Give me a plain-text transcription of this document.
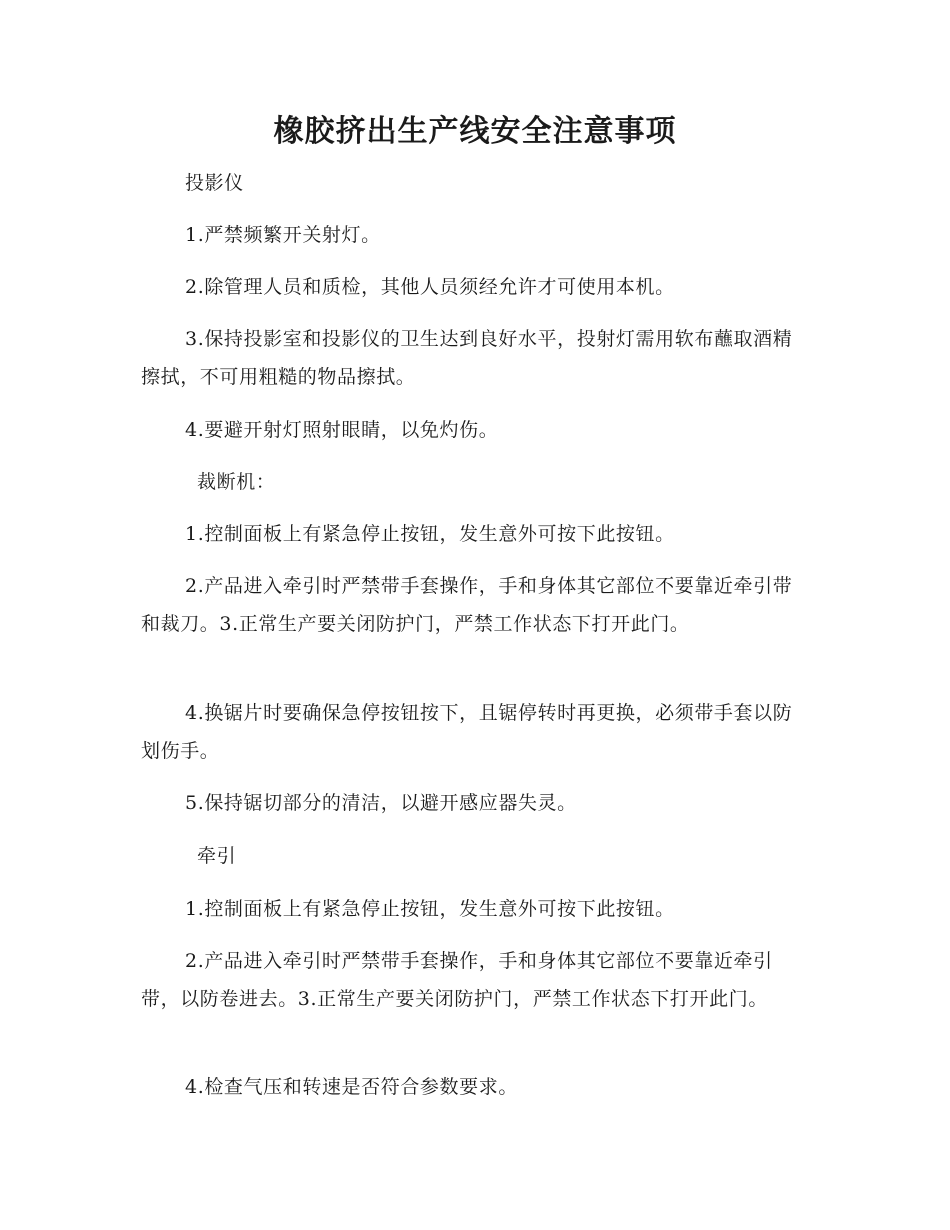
橡胶挤出生产线安全注意事项

投影仪

1.严禁频繁开关射灯。

2.除管理人员和质检，其他人员须经允许才可使用本机。

3.保持投影室和投影仪的卫生达到良好水平，投射灯需用软布蘸取酒精擦拭，不可用粗糙的物品擦拭。

4.要避开射灯照射眼睛，以免灼伤。

裁断机：

1.控制面板上有紧急停止按钮，发生意外可按下此按钮。

2.产品进入牵引时严禁带手套操作，手和身体其它部位不要靠近牵引带和裁刀。3.正常生产要关闭防护门，严禁工作状态下打开此门。

4.换锯片时要确保急停按钮按下，且锯停转时再更换，必须带手套以防划伤手。

5.保持锯切部分的清洁，以避开感应器失灵。

牵引

1.控制面板上有紧急停止按钮，发生意外可按下此按钮。

2.产品进入牵引时严禁带手套操作，手和身体其它部位不要靠近牵引带，以防卷进去。3.正常生产要关闭防护门，严禁工作状态下打开此门。

4.检查气压和转速是否符合参数要求。
